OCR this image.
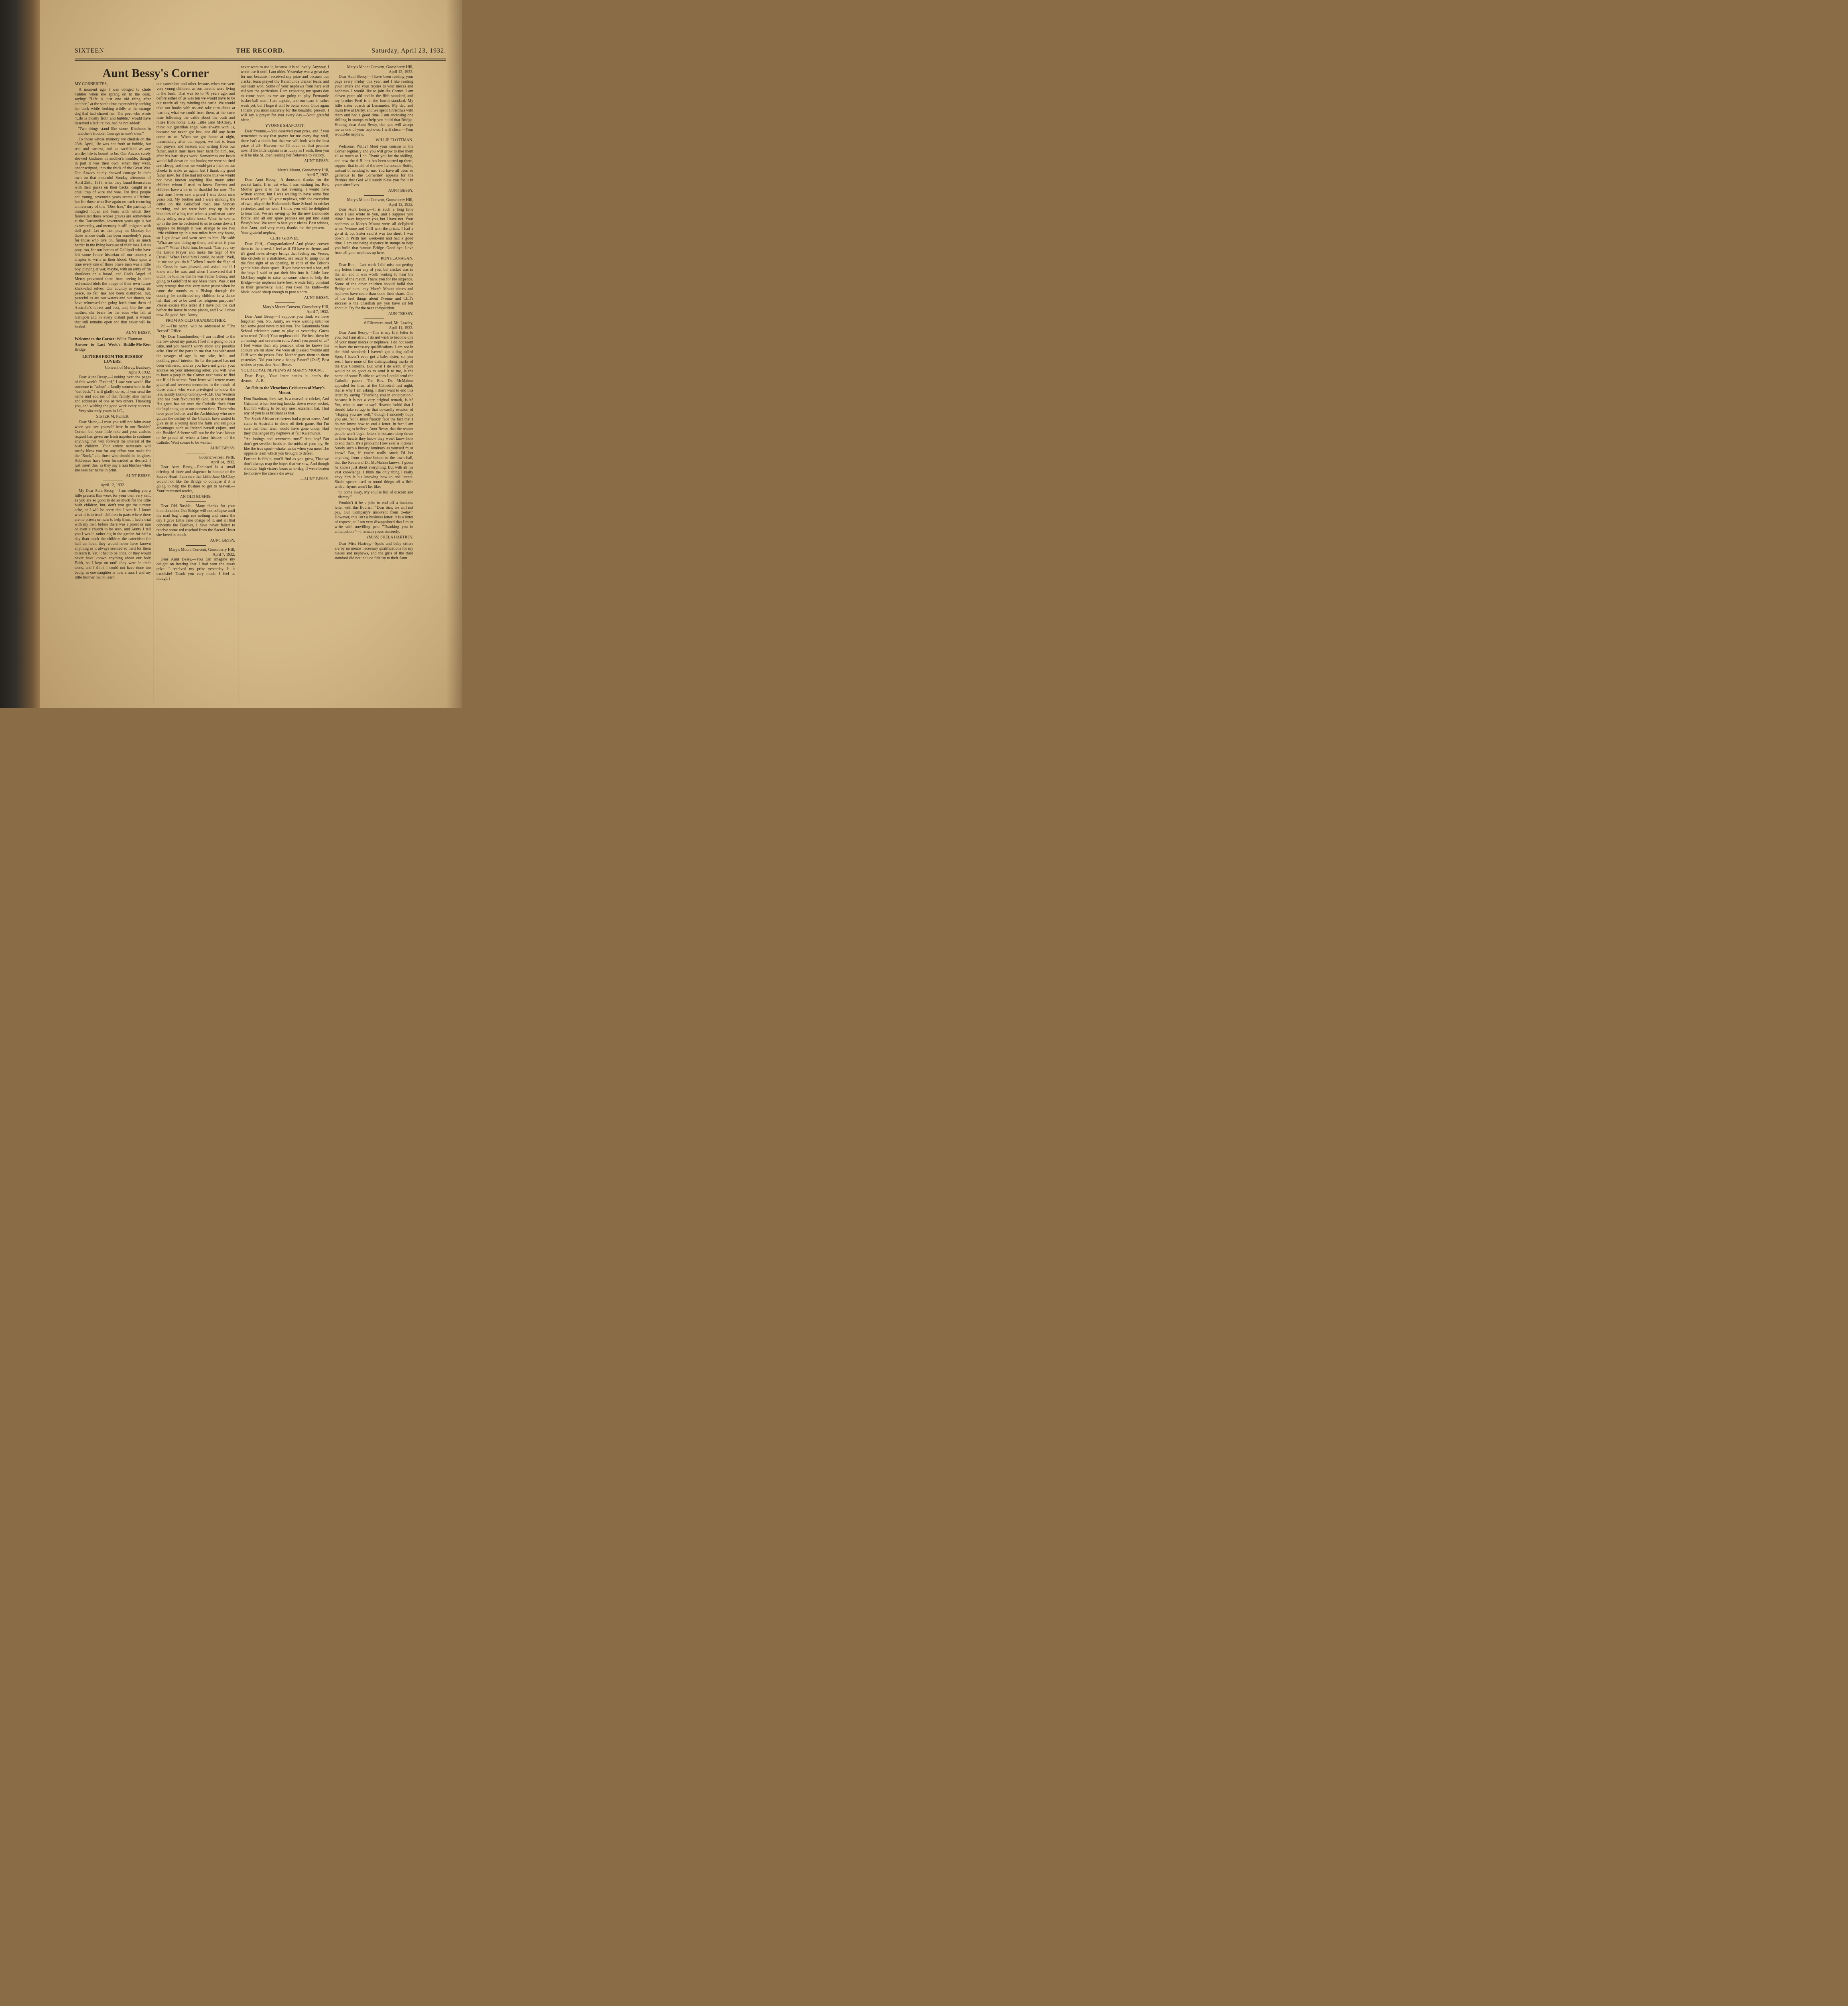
SIXTEEN	THE RECORD.	Saturday, April 23, 1932.
Aunt Bessy's Corner

MY CORNERITES,—

A moment ago I was obliged to chide Tiddles when she sprang on to the desk, saying: "Life is just one old thing after another," at the same time expressively arching her back while looking wildly at the strange dog that had chased her. The poet who wrote "Life is mostly froth and bubble," would have deserved a lecture too, had he not added:

"Two things stand like stone, Kindness in another's trouble, Courage in one's own."

To those whose memory we cherish on the 25th. April, life was not froth or bubble, but real and earnest, and as sacrificial as any worthy life is bound to be. Our Anzacs surely showed kindness in another's trouble, though in part it was their own, when they went, unconscripted, into the thick of the Great War. Our Anzacs surely showed courage in their own on that mournful Sunday afternoon of April 25th., 1915, when they found themselves with their packs on their backs, caught in a cruel trap of wire and woe. For little people and young, seventeen years seems a lifetime, but for those who live again on each recurring anniversary of this "Dies Irae," the partings of mingled hopes and fears with which they farewelled those whose graves are somewhere at the Dardanelles, seventeen years ago is but as yesterday, and memory is still poignant with dull grief. Let us then pray on Monday for those whose death has been somebody's pain; for those who live on, finding life so much harder in the living because of their loss. Let us pray, too, for our heroes of Gallipoli who have left some future historian of our country a chapter to write in their blood. Once upon a time every one of those brave men was a little boy, playing at war, maybe, with an army of tin shoulders on a board, and God's Angel of Mercy prevented them from seeing in their red-coated idols the image of their own future khaki-clad selves. Our country is young; its peace, so far, has not been disturbed, but, peaceful as are our waters and our shores, we have witnessed the going forth from them of Australia's fairest and best, and, like the true mother, she bears for the sons who fell at Gallipoli and in every distant part, a wound that still remains open and that never will be healed.

AUNT BESSY.

Welcome to the Corner: Willie Flottman.

Answer to Last Week's Riddle-Me-Ree: Bridge.

LETTERS FROM THE BUSHIES' LOVERS.

Convent of Mercy, Bunbury,

April 9, 1932.

Dear Aunt Bessy,—Looking over the pages of this week's "Record," I saw you would like someone to "adopt" a family somewhere in the "out back." I will gladly do so, if you send the name and address of that family, also names and addresses of one or two others. Thanking you, and wishing the good work every success.—Very sincerely yours in J.C.,

SISTER M. PETER.

Dear Sister,—I trust you will not faint away when you see yourself here in our Bushies' Corner, but your little note and your zealous request has given me fresh impetus to continue anything that will forward the interest of the bush children. Your ardent namesake will surely bless you for any effort you make for the "Rock," and those who should be its glory. Addresses have been forwarded as desired. I just insert this, as they say a nun blushes when she sees her name in print.

AUNT BESSY.

April 12, 1932.

My Dear Aunt Bessy,—I am sending you a little present this week for your own very self, as you are so good to do so much for the little bush children, but, don't you get the tummy ache, or I will be sorry that I sent it. I know what it is to teach children in parts where there are no priests or nuns to help them. I had a trial with my own before there was a priest or nun or even a church to be seen, and Aunty I tell you I would rather dig in the garden for half a day than teach the children the catechism for half an hour, they would never have known anything as it always seemed so hard for them to learn it. Yet, it had to be done, or they would never have known anything about our holy Faith, so I kept on until they were in their teens, and I think I could not have done too badly, as one daughter is now a nun. I and my little brother had to learn

our catechism and other lessons when we were very young children, as our parents were living in the bush. That was 65 to 70 years ago, and before either of us was ten we would have to be out nearly all day minding the cattle. We would take our books with us and take turn about at learning what we could from them, at the same time following the cattle about the bush and miles from home. Like Little Jane McClory, I think our guardian angel was always with us, because we never got lost, nor did any harm come to us. When we got home at night, immediately after our supper, we had to learn our prayers and lessons and writing from our father, and it must have been hard for him, too, after his hard day's work. Sometimes our heads would fall down on our books; we were so tired and sleepy, and then we would get a flick on our cheeks to wake us again, but I thank my good father now, for if he had not done this we would not have known anything like many other children whom I used to know. Parents and children have a lot to be thankful for now. The first time I ever saw a priest I was about nine years old. My brother and I were minding the cattle on the Guildford road one Sunday morning, and we were both way up in the branches of a big tree when a gentleman came along riding on a white horse. When he saw us up in the tree he beckoned to us to come down. I suppose he thought it was strange to see two little children up in a tree miles from any house, so I got down and went over to him. He said: "What are you doing up there, and what is your name?" When I told him, he said: "Can you say the Lord's Prayer and make the Sign of the Cross?" When I told him I could, he said: "Well, let me see you do it." When I made the Sign of the Cross he was pleased, and asked me if I knew who he was, and when I answered that I didn't, he told me that he was Father Gibney, and going to Guildford to say Mass there. Was it not very strange that that very same priest when he came the rounds as a Bishop through the country, he confirmed my children in a dance hall that had to be used for religious purposes? Please excuse this letter if I have put the cart before the horse in some places, and I will close now. So good-bye, Aunty.

FROM AN OLD GRANDMOTHER.

P.S.—The parcel will be addressed to "The Record" Office.

My Dear Grandmother,—I am thrilled to the marrow about my parcel. I feel it is going to be a cake, and you needn't worry about any possible ache. One of the parts in me that has withstood the ravages of age, is my cake, fruit, and pudding proof interior. So far the parcel has not been delivered, and as you have not given your address on your interesting letter, you will have to have a peep in the Corner next week to find out if all is serene. Your letter will renew many grateful and reverent memories in the minds of those elders who were privileged to know the late, saintly Bishop Gibney.—R.I.P. Our Western land has been favoured by God, in those whom His grace has set over the Catholic flock from the beginning up to our present time. Those who have gone before, and the Archbishop who now guides the destiny of the Church, have united to give us in a young land the faith and religious advantages such as Ireland herself enjoys, and the Bushies' Scheme will not be the least labour to be proud of when a later history of the Catholic West comes to be written.

AUNT BESSY.

Goderich-street, Perth.

April 14, 1932.

Dear Aunt Bessy,—Enclosed is a small offering of three and sixpence in honour of the Sacred Heart. I am sure that Little Jane McClory would not like the Bridge to collapse if it is going to help the Bushies to get to heaven.—Your interested reader,

AN OLD BUSHIE.

Dear Old Bushie,—Many thanks for your kind donation. Our Bridge will not collapse until the mail bag brings me nothing and, since the day I gave Little Jane charge of it, and all that concerns the Bushies, I have never failed to receive some red rosebud from the Sacred Heart she loved so much.

AUNT BESSY.

Mary's Mount Convent, Gooseberry Hill,

April 7, 1932.

Dear Aunt Bessy,—You can imagine my delight on hearing that I had won the essay prize. I received my prize yesterday. It is exquisite! Thank you very much. I feel as though I

never want to use it, because it is so lovely. Anyway, I won't use it until I am older. Yesterday was a great day for me, because I received my prize and because our cricket team played the Kalamunda cricket team, and our team won. Some of your nephews from here will tell you the particulars. I am expecting my sports day to come soon, as we are going to play Fremantle basket ball team. I am captain, and our team is rather weak yet, but I hope it will be better soon. Once again I thank you most sincerely for the beautiful present. I will say a prayer for you every day.—Your grateful niece,

YVONNE SHAPCOTT.

Dear Yvonne,—You deserved your prize, and if you remember to say that prayer for me every day, well, there isn't a doubt but that we will both win the best prize of all—Heaven—so I'll count on that promise now. If the little captain is as lucky as I wish, then you will be like St. Joan leading her followers to victory.

AUNT BESSY.

Mary's Mount, Gooseberry Hill,

April 7, 1932.

Dear Aunt Bessy,—A thousand thanks for the pocket knife. It is just what I was wishing for. Rev. Mother gave it to me last evening. I would have written sooner, but I was waiting to have some fine news to tell you. All your nephews, with the exception of two, played the Kalamunda State School in cricket yesterday, and we won. I know you will be delighted to hear that. We are saving up for the new Lemonade Bottle, and all our spare pennies are put into Aunt Bessy's box. We want to beat your nieces. Best wishes, dear Aunt, and very many thanks for the present.—Your grateful nephew,

CLIFF GROVES.

Dear Cliff,—Congratulations! And please convey them to the crowd. I feel as if I'll have to rhyme, and it's good news always brings that feeling on. Verses, like crickets in a matchbox, are ready to jump out at the first sight of an opening, in spite of the Editor's gentle hints about space. If you have started a box, tell the boys I said to put their bits into it. Little Jane McClory ought to raise up some others to help the Bridge—my nephews have been wonderfully constant in their generosity. Glad you liked the knife—the blade looked sharp enough to pare a corn.

AUNT BESSY.

Mary's Mount Convent, Gooseberry Hill,

April 7, 1932.

Dear Aunt Bessy,—I suppose you think we have forgotten you. No, Aunty, we were waiting until we had some good news to tell you. The Kalamunda State School cricketers came to play us yesterday. Guess who won? (You!) Your nephews did. We beat them by an innings and seventeen runs. Aren't you proud of us? I feel worse than any peacock when he knows his colours are on show. We were all pleased Yvonne and Cliff won the prizes. Rev. Mother gave them to them yesterday. Did you have a happy Easter? (Oui!) Best wishes to you, dear Aunt Bessy.—

YOUR LOYAL NEPHEWS AT MARY'S MOUNT.

Dear Boys,—Your letter settles it—here's the rhyme.—A. B.

An Ode to the Victorious Cricketers of Mary's Mount.

Don Bradman, they say, is a marvel at cricket, And Grimmet when bowling knocks down every wicket, But I'm willing to bet my most excellent hat, That any of you is as brilliant as that.

The South African cricketers had a great name, And came to Australia to show off their game, But I'm sure that their team would have gone under, Had they challenged my nephews at fair Kalamunda.

"An innings and seventeen runs!" Atta boy! But don't get swelled heads in the midst of your joy, Be like the true sport—shake hands when you meet The opposite team which you brought to defeat.

Fortune is fickle; you'll find as you grow, That we don't always reap the hopes that we sow, And though shoulder high victory bears us to-day, If we're beaten to-morrow the cheers die away.

—AUNT BESSY.

Mary's Mount Convent, Gooseberry Hill,

April 12, 1932.

Dear Aunt Bessy,—I have been reading your page every Friday this year, and I like reading your letters and your replies to your nieces and nephews. I would like to join the Corner. I am eleven years old and in the fifth standard, and my brother Fred is in the fourth standard. My little sister boards at Lesmurdie. My dad and mum live at Derby, and we spent Christmas with them and had a good time. I am enclosing one shilling in stamps to help you build that Bridge. Hoping, dear Aunt Bessy, that you will accept me as one of your nephews, I will close.—Your would-be nephew,

WILLIE FLOTTMAN.

Welcome, Willie! Meet your cousins in the Corner regularly and you will grow to like them all as much as I do. Thank you for the shilling, and now the A.B. box has been started up there, support that in aid of the new Lemonade Bottle, instead of sending to me. You have all been so generous to the Cornerites' appeals for the Bushies that God will surely bless you for it in your after lives.

AUNT BESSY.

Mary's Mount Convent, Gooseberry Hill,

April 13, 1932.

Dear Aunt Bessy,—It is such a long time since I last wrote to you, and I suppose you think I have forgotten you, but I have not. Your nephews at Mary's Mount were all delighted when Yvonne and Cliff won the prizes. I had a go at it, but Sister said it was too short. I was down in Perth last week-end and had a good time. I am enclosing sixpence in stamps to help you build that famous Bridge. Good-bye. Love from all your nephews up here.

RON FLANAGAN.

Dear Ron,—Last week I did miss not getting any letters from any of you, but cricket was in the air, and it was worth waiting to hear the result of the match. Thank you for the sixpence. Some of the other children should build that Bridge of ours—my Mary's Mount nieces and nephews have more than done their share. One of the best things about Yvonne and Cliff's success is the unselfish joy you have all felt about it. Try for the next competition.

AUN TBESSY.

6 Ellesmere-road, Mt. Lawley,

April 11, 1932.

Dear Aunt Bessy,—This is my first letter to you, but I am afraid I do not wish to become one of your many nieces or nephews. I do not seem to have the necessary qualifications. I am not in the third standard; I haven't got a dog called Spot; I haven't even got a baby sister; so, you see, I have none of the distinguishing marks of the true Cornerite. But what I do want, if you would be so good as to send it to me, is the name of some Bushie to whom I could send the Catholic papers. The Rev. Dr. McMahon appealed for them at the Cathedral last night; that is why I am asking. I don't want to end this letter by saying "Thanking you in anticipation," because it is not a very original remark, is it? Yet, what is one to say? Heaven forbid that I should take refuge in that cowardly evasion of "Hoping you are well," though I sincerely hope you are. No! I must frankly face the fact that I do not know how to end a letter. In fact I am beginning to believe, Aunt Bessy, that the reason people won't begin letters is because deep down in their hearts they know they won't know how to end them. It's a problem! How ever is it done? Surely such a literary luminary as yourself must know! But, if you're really stuck I'd bet anything, from a shoe button to the town hall, that the Reverend Dr. McMahon knows. I guess he knows just about everything. But with all his vast knowledge, I think the only thing I really envy him is his knowing how to end letters. Shake speare used to round things off a little with a rhyme, usen't he, like:

"O come away, My soul is full of discord and dismay."

Wouldn't it be a joke to end off a business letter with this flourish: "Dear Sirs, we will not pay, Our Company's insolvent from to-day." However, this isn't a business letter; it is a letter of request, so I am very disappointed that I must write with unwilling pen: "Thanking you in anticipation."—I remain yours sincerely,

(MISS) SHELA HARTREY.

Dear Miss Hartrey,—Spots and baby sisters are by no means necessary qualifications for my nieces and nephews, and the girls of the third standard did not include fidelity to their Aunt
